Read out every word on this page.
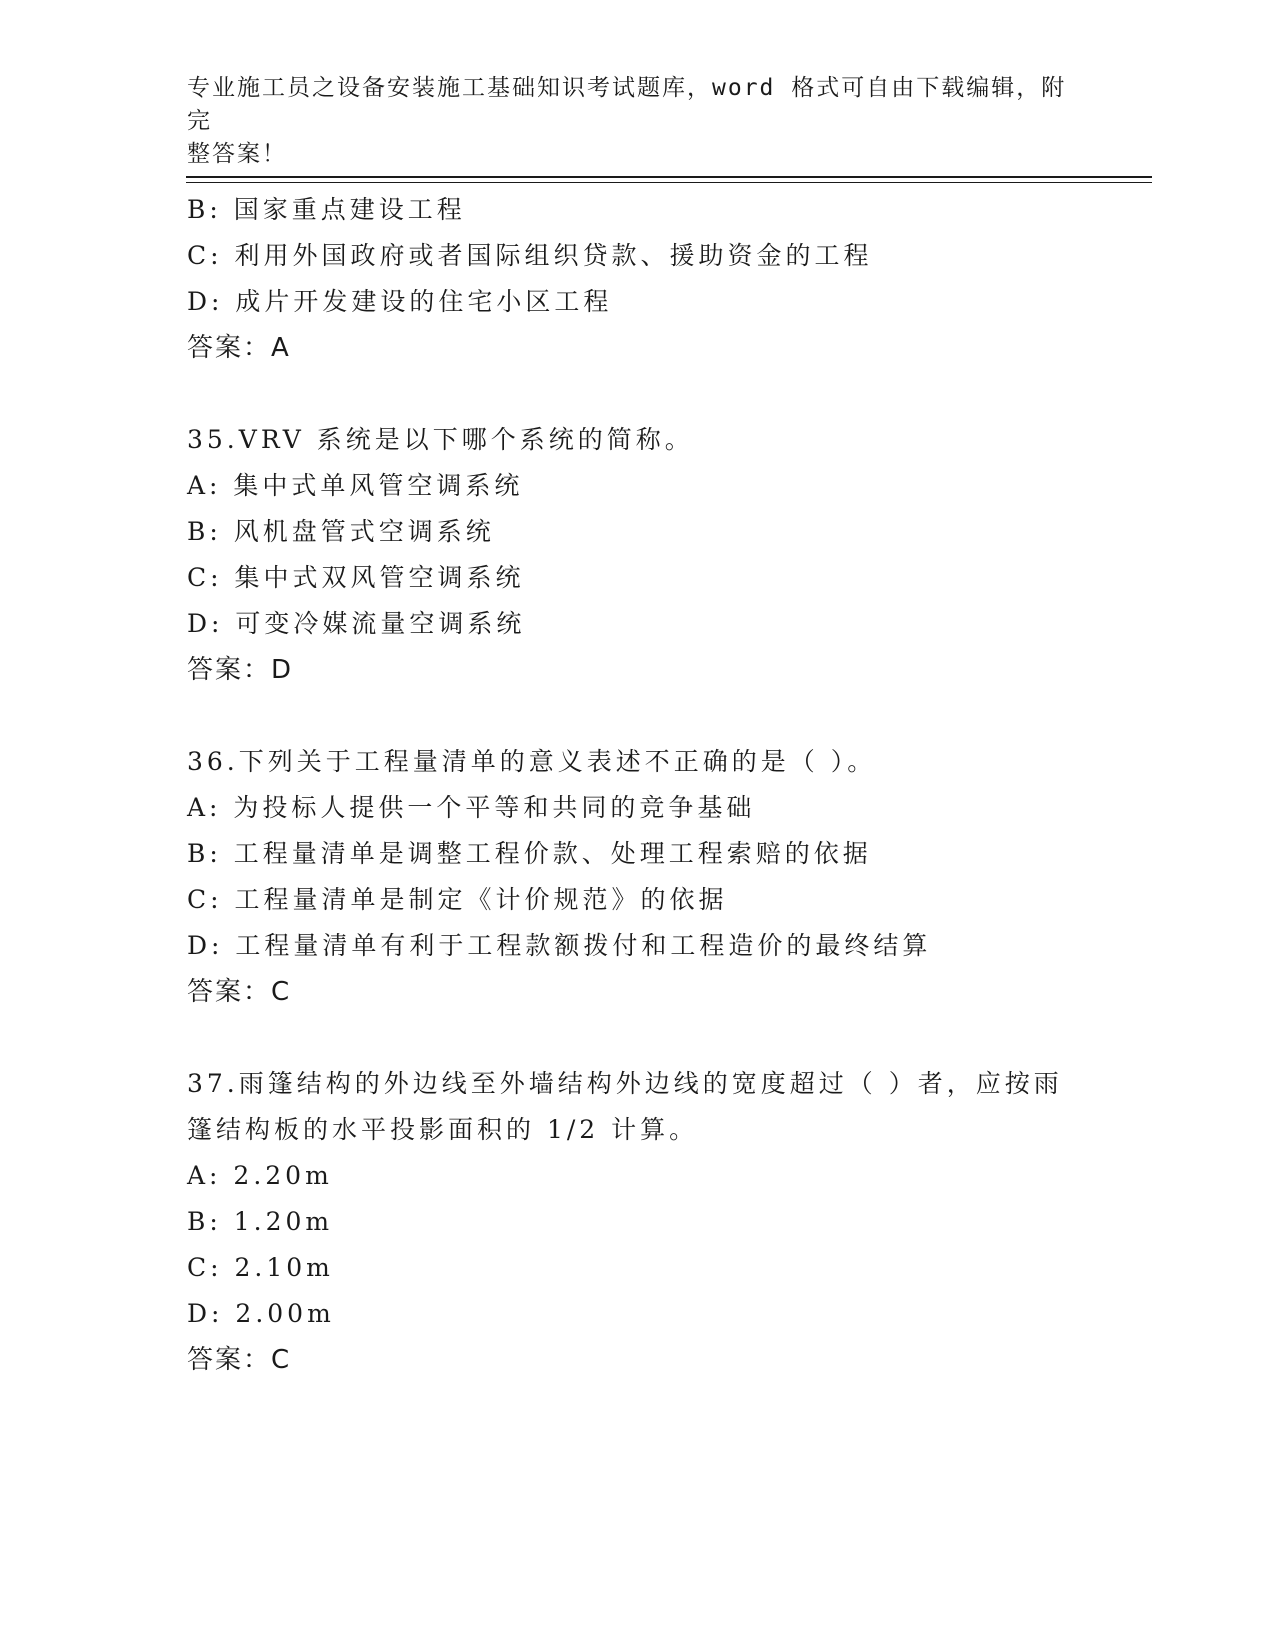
专业施工员之设备安装施工基础知识考试题库，word 格式可自由下载编辑，附完
整答案！
B: 国家重点建设工程
C: 利用外国政府或者国际组织贷款、援助资金的工程
D: 成片开发建设的住宅小区工程
答案：A
35.VRV 系统是以下哪个系统的简称。
A: 集中式单风管空调系统
B: 风机盘管式空调系统
C: 集中式双风管空调系统
D: 可变冷媒流量空调系统
答案：D
36.下列关于工程量清单的意义表述不正确的是（ ）。
A: 为投标人提供一个平等和共同的竞争基础
B: 工程量清单是调整工程价款、处理工程索赔的依据
C: 工程量清单是制定《计价规范》的依据
D: 工程量清单有利于工程款额拨付和工程造价的最终结算
答案：C
37.雨篷结构的外边线至外墙结构外边线的宽度超过（ ）者，应按雨
篷结构板的水平投影面积的 1/2 计算。
A: 2.20m
B: 1.20m
C: 2.10m
D: 2.00m
答案：C
